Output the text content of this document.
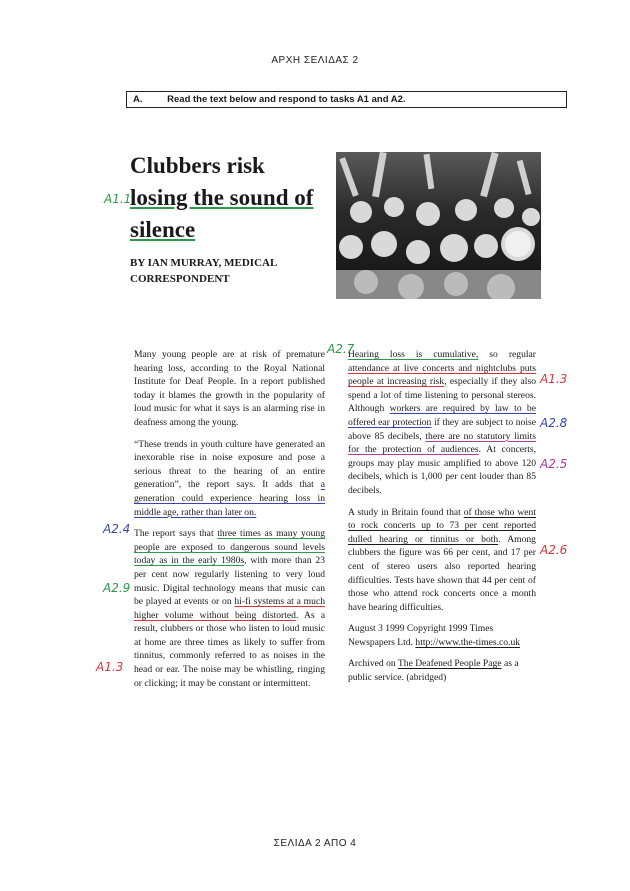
ΑΡΧΗ ΣΕΛΙΔΑΣ 2
A.	Read the text below and respond to tasks A1 and A2.
Clubbers risk
losing the sound of
silence
BY IAN MURRAY, MEDICAL
CORRESPONDENT

Many young people are at risk of premature hearing loss, according to the Royal National Institute for Deaf People. In a report published today it blames the growth in the popularity of loud music for what it says is an alarming rise in deafness among the young.

“These trends in youth culture have generated an inexorable rise in noise exposure and pose a serious threat to the hearing of an entire generation”, the report says. It adds that a generation could experience hearing loss in middle age, rather than later on.

The report says that three times as many young people are exposed to dangerous sound levels today as in the early 1980s, with more than 23 per cent now regularly listening to very loud music. Digital technology means that music can be played at events or on hi-fi systems at a much higher volume without being distorted. As a result, clubbers or those who listen to loud music at home are three times as likely to suffer from tinnitus, commonly referred to as noises in the head or ear. The noise may be whistling, ringing or clicking; it may be constant or intermittent.

Hearing loss is cumulative, so regular attendance at live concerts and nightclubs puts people at increasing risk, especially if they also spend a lot of time listening to personal stereos. Although workers are required by law to be offered ear protection if they are subject to noise above 85 decibels, there are no statutory limits for the protection of audiences. At concerts, groups may play music amplified to above 120 decibels, which is 1,000 per cent louder than 85 decibels.

A study in Britain found that of those who went to rock concerts up to 73 per cent reported dulled hearing or tinnitus or both. Among clubbers the figure was 66 per cent, and 17 per cent of stereo users also reported hearing difficulties. Tests have shown that 44 per cent of those who attend rock concerts once a month have hearing difficulties.

August 3 1999 Copyright 1999 Times Newspapers Ltd. http://www.the-times.co.uk

Archived on The Deafened People Page as a public service. (abridged)

A1.1
A2.7
A1.3
A2.8
A2.5
A2.6
A2.4
A2.9
A1.3
ΣΕΛΙΔΑ 2 ΑΠΟ 4
